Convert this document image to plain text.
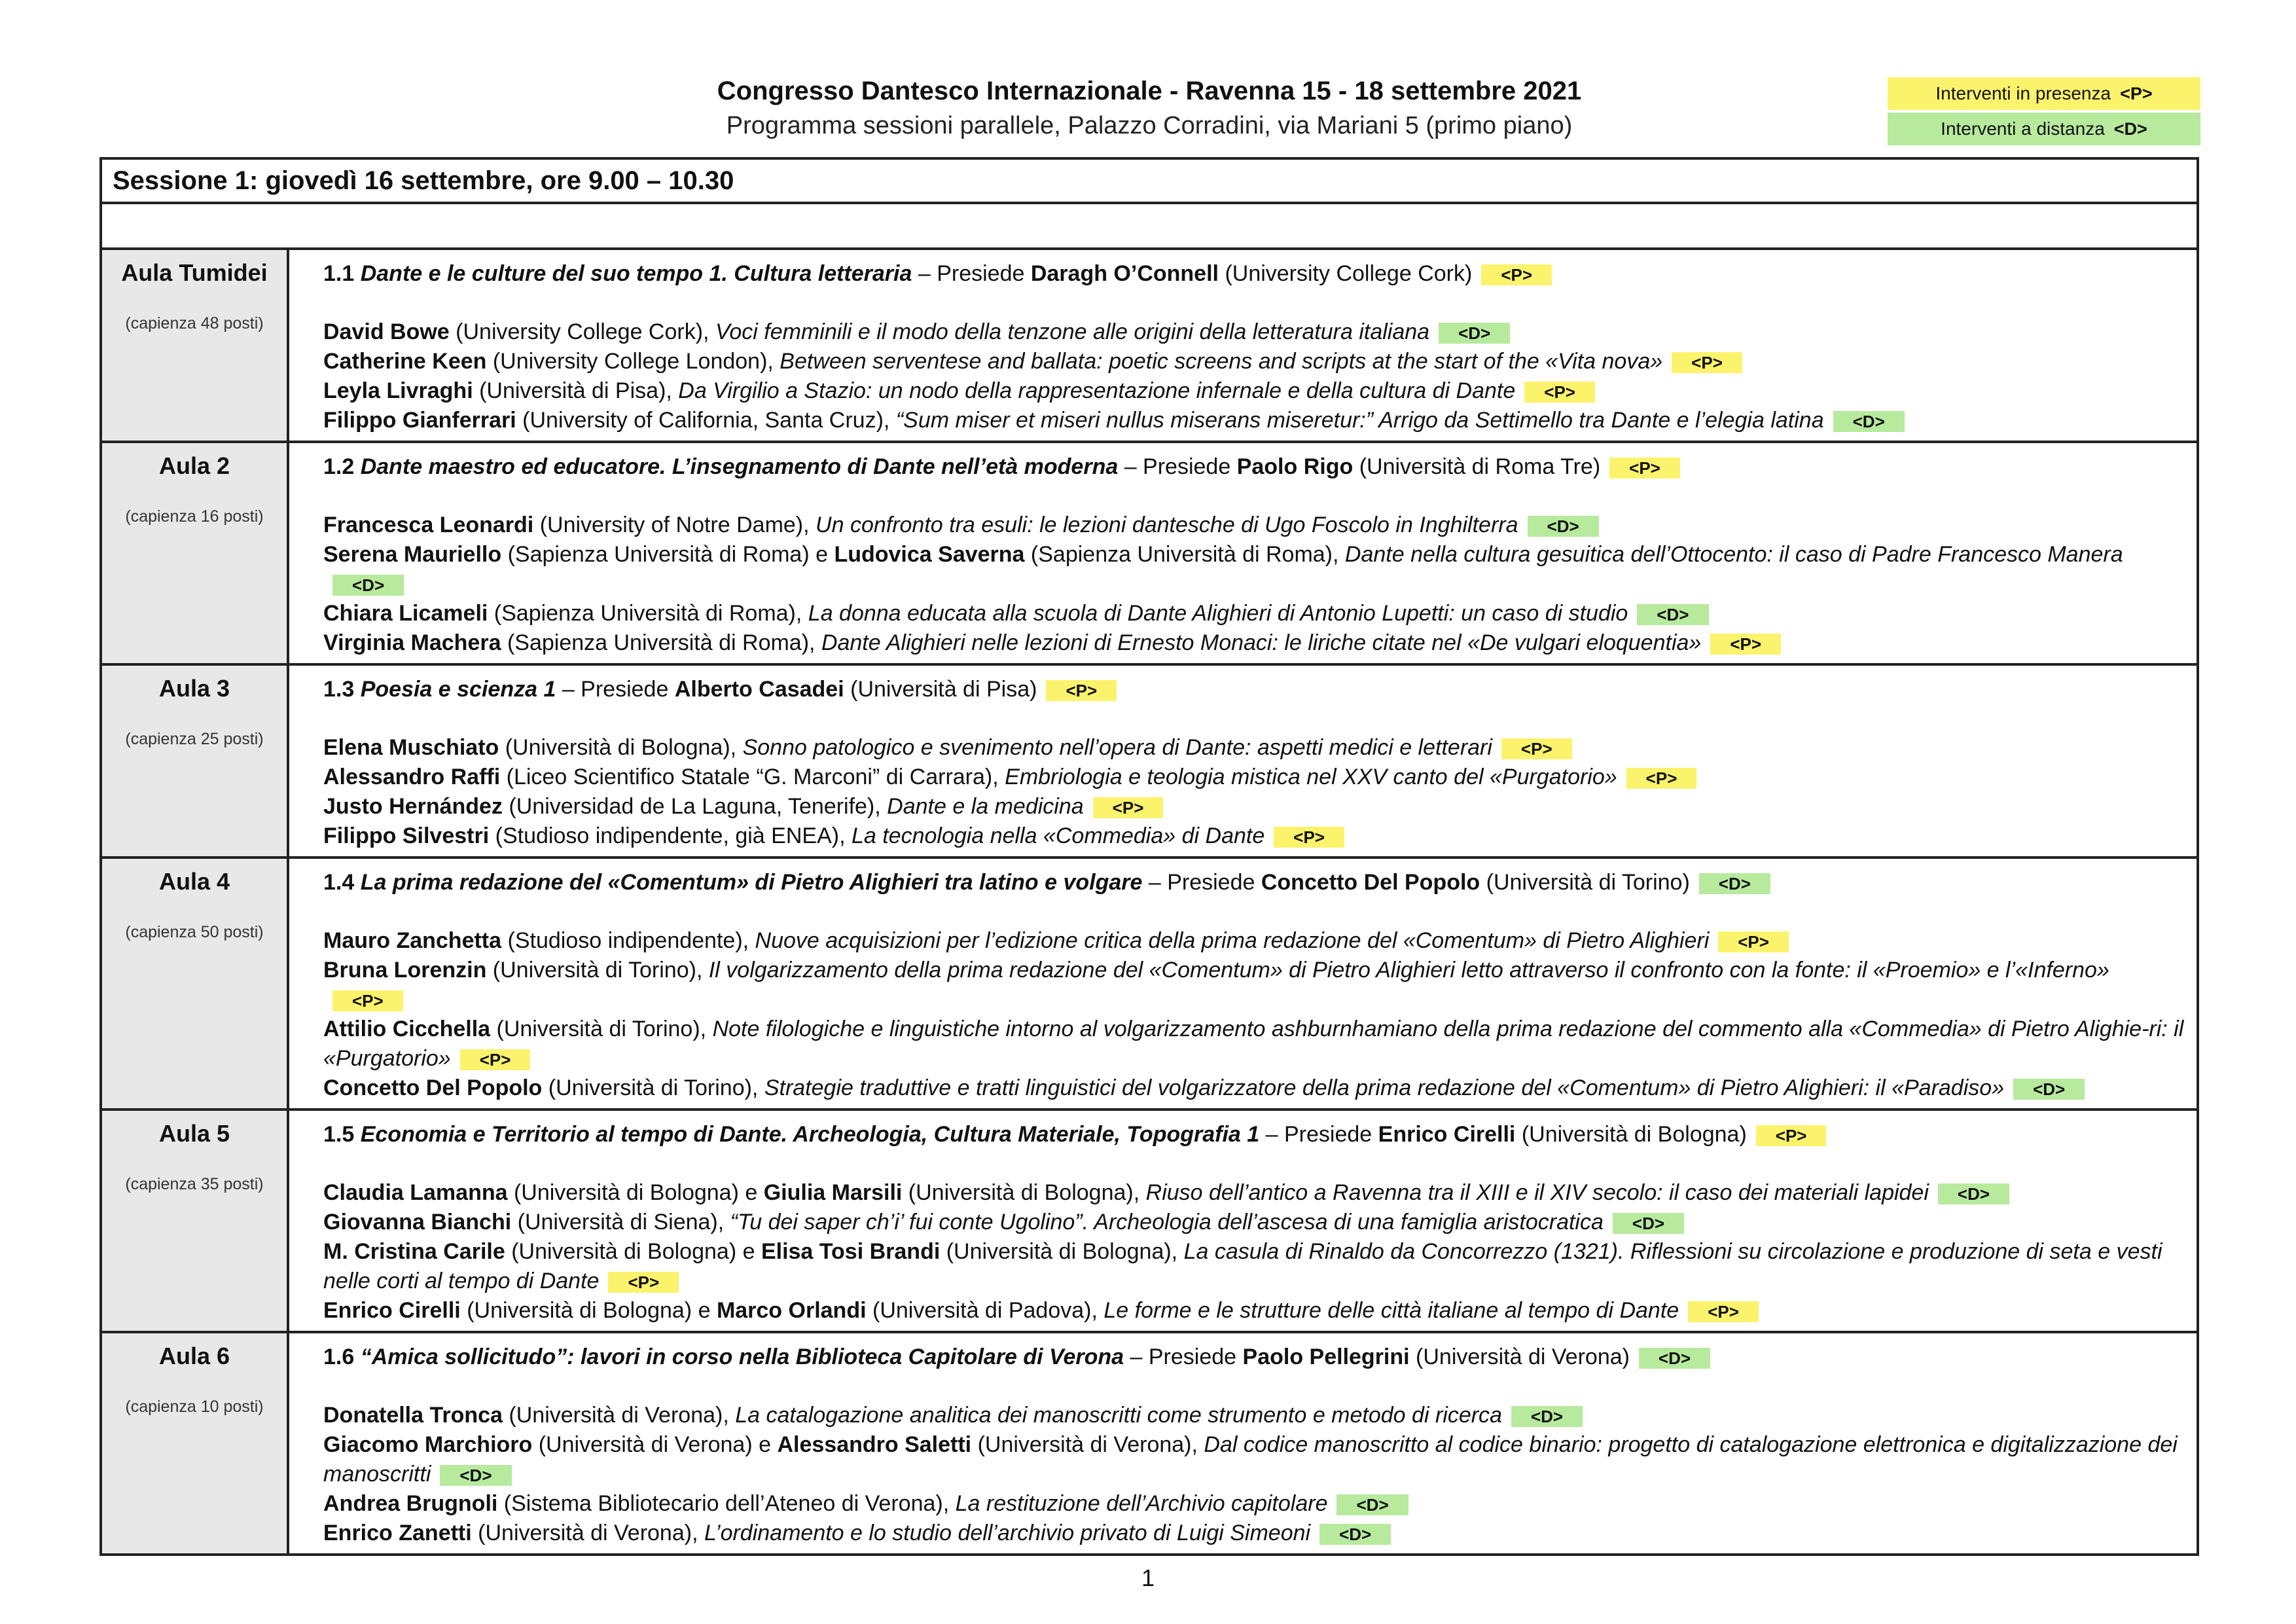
Congresso Dantesco Internazionale - Ravenna 15 - 18 settembre 2021
Programma sessioni parallele, Palazzo Corradini, via Mariani 5 (primo piano)
Interventi in presenza <P>
Interventi a distanza <D>
Sessione 1: giovedì 16 settembre, ore 9.00 – 10.30
Aula Tumidei
(capienza 48 posti)
1.1 Dante e le culture del suo tempo 1. Cultura letteraria – Presiede Daragh O’Connell (University College Cork) <P>
David Bowe (University College Cork), Voci femminili e il modo della tenzone alle origini della letteratura italiana <D>
Catherine Keen (University College London), Between serventese and ballata: poetic screens and scripts at the start of the «Vita nova» <P>
Leyla Livraghi (Università di Pisa), Da Virgilio a Stazio: un nodo della rappresentazione infernale e della cultura di Dante <P>
Filippo Gianferrari (University of California, Santa Cruz), “Sum miser et miseri nullus miserans miseretur:” Arrigo da Settimello tra Dante e l’elegia latina <D>
Aula 2
(capienza 16 posti)
1.2 Dante maestro ed educatore. L’insegnamento di Dante nell’età moderna – Presiede Paolo Rigo (Università di Roma Tre) <P>
Francesca Leonardi (University of Notre Dame), Un confronto tra esuli: le lezioni dantesche di Ugo Foscolo in Inghilterra <D>
Serena Mauriello (Sapienza Università di Roma) e Ludovica Saverna (Sapienza Università di Roma), Dante nella cultura gesuitica dell’Ottocento: il caso di Padre Francesco Manera<D>
Chiara Licameli (Sapienza Università di Roma), La donna educata alla scuola di Dante Alighieri di Antonio Lupetti: un caso di studio <D>
Virginia Machera (Sapienza Università di Roma), Dante Alighieri nelle lezioni di Ernesto Monaci: le liriche citate nel «De vulgari eloquentia» <P>
Aula 3
(capienza 25 posti)
1.3 Poesia e scienza 1 – Presiede Alberto Casadei (Università di Pisa) <P>
Elena Muschiato (Università di Bologna), Sonno patologico e svenimento nell’opera di Dante: aspetti medici e letterari <P>
Alessandro Raffi (Liceo Scientifico Statale “G. Marconi” di Carrara), Embriologia e teologia mistica nel XXV canto del «Purgatorio» <P>
Justo Hernández (Universidad de La Laguna, Tenerife), Dante e la medicina <P>
Filippo Silvestri (Studioso indipendente, già ENEA), La tecnologia nella «Commedia» di Dante <P>
Aula 4
(capienza 50 posti)
1.4 La prima redazione del «Comentum» di Pietro Alighieri tra latino e volgare – Presiede Concetto Del Popolo (Università di Torino) <D>
Mauro Zanchetta (Studioso indipendente), Nuove acquisizioni per l’edizione critica della prima redazione del «Comentum» di Pietro Alighieri <P>
Bruna Lorenzin (Università di Torino), Il volgarizzamento della prima redazione del «Comentum» di Pietro Alighieri letto attraverso il confronto con la fonte: il «Proemio» e l’«Inferno»<P>
Attilio Cicchella (Università di Torino), Note filologiche e linguistiche intorno al volgarizzamento ashburnhamiano della prima redazione del commento alla «Commedia» di Pietro Alighie-ri: il «Purgatorio» <P>
Concetto Del Popolo (Università di Torino), Strategie traduttive e tratti linguistici del volgarizzatore della prima redazione del «Comentum» di Pietro Alighieri: il «Paradiso» <D>
Aula 5
(capienza 35 posti)
1.5 Economia e Territorio al tempo di Dante. Archeologia, Cultura Materiale, Topografia 1 – Presiede Enrico Cirelli (Università di Bologna) <P>
Claudia Lamanna (Università di Bologna) e Giulia Marsili (Università di Bologna), Riuso dell’antico a Ravenna tra il XIII e il XIV secolo: il caso dei materiali lapidei <D>
Giovanna Bianchi (Università di Siena), “Tu dei saper ch’i’ fui conte Ugolino”. Archeologia dell’ascesa di una famiglia aristocratica <D>
M. Cristina Carile (Università di Bologna) e Elisa Tosi Brandi (Università di Bologna), La casula di Rinaldo da Concorrezzo (1321). Riflessioni su circolazione e produzione di seta e vesti nelle corti al tempo di Dante <P>
Enrico Cirelli (Università di Bologna) e Marco Orlandi (Università di Padova), Le forme e le strutture delle città italiane al tempo di Dante <P>
Aula 6
(capienza 10 posti)
1.6 “Amica sollicitudo”: lavori in corso nella Biblioteca Capitolare di Verona – Presiede Paolo Pellegrini (Università di Verona) <D>
Donatella Tronca (Università di Verona), La catalogazione analitica dei manoscritti come strumento e metodo di ricerca <D>
Giacomo Marchioro (Università di Verona) e Alessandro Saletti (Università di Verona), Dal codice manoscritto al codice binario: progetto di catalogazione elettronica e digitalizzazione dei manoscritti <D>
Andrea Brugnoli (Sistema Bibliotecario dell’Ateneo di Verona), La restituzione dell’Archivio capitolare <D>
Enrico Zanetti (Università di Verona), L’ordinamento e lo studio dell’archivio privato di Luigi Simeoni <D>
1
